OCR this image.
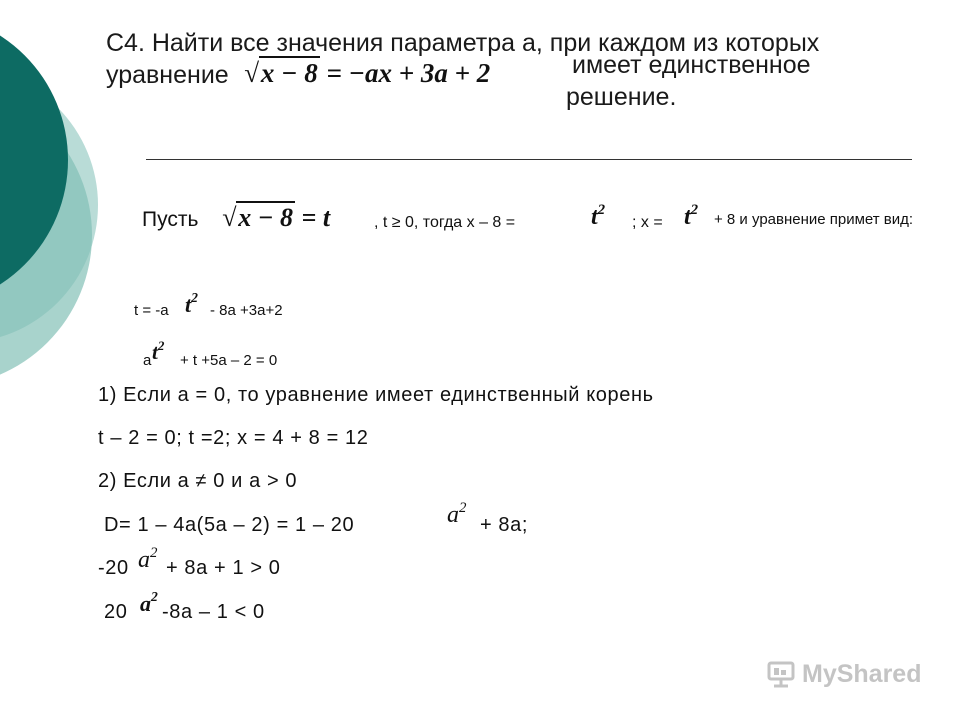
С4. Найти все значения параметра а, при каждом из которых
уравнение √x − 8 = −ax + 3a + 2	имеет единственное
решение.
Пусть √x − 8 = t	, t ≥ 0, тогда х – 8 =	$t^2$
; $х = t^2$
+ 8 и уравнение примет вид:
t = -a $t^2$
- 8a +3a+2
a $t^2$
+ t +5a – 2 = 0
1) Если а = 0, то уравнение имеет единственный корень
t – 2 = 0; t =2; х = 4 + 8 = 12
2) Если а ≠ 0 и а > 0
D= 1 – 4а(5а – 2) = 1 – 20	$a^2$
+ 8а;
-20 $a^2$
+ 8а + 1 > 0
20 $a^2$
-8а – 1 < 0
MyShared
